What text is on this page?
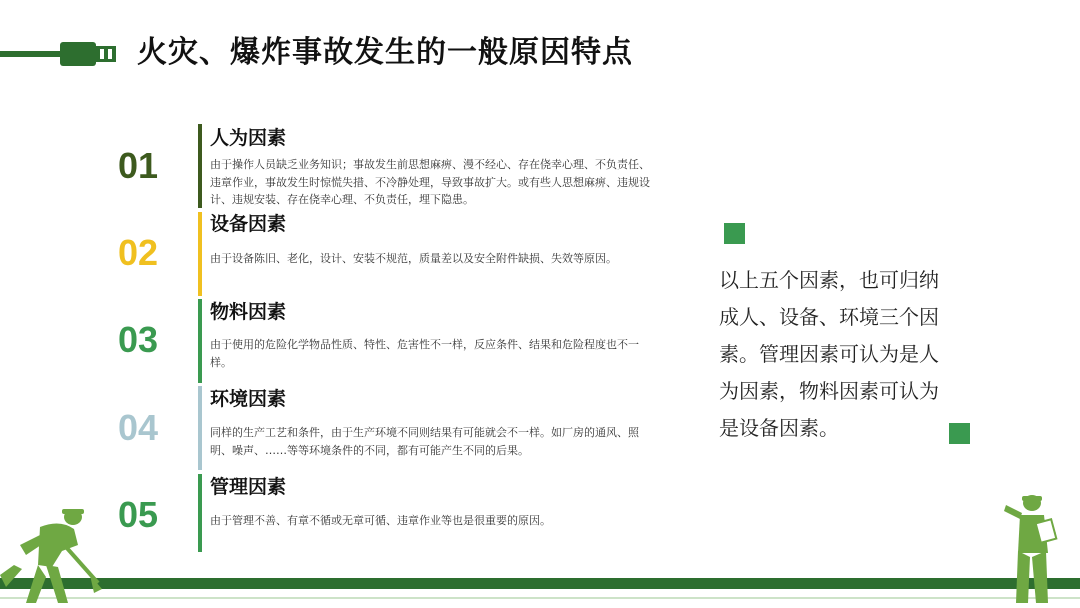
火灾、爆炸事故发生的一般原因特点
01
人为因素
由于操作人员缺乏业务知识；事故发生前思想麻痹、漫不经心、存在侥幸心理、不负责任、违章作业，事故发生时惊慌失措、不冷静处理，导致事故扩大。或有些人思想麻痹、违规设计、违规安装、存在侥幸心理、不负责任，埋下隐患。
02
设备因素
由于设备陈旧、老化，设计、安装不规范，质量差以及安全附件缺损、失效等原因。
03
物料因素
由于使用的危险化学物品性质、特性、危害性不一样，反应条件、结果和危险程度也不一样。
04
环境因素
同样的生产工艺和条件，由于生产环境不同则结果有可能就会不一样。如厂房的通风、照明、噪声、……等等环境条件的不同，都有可能产生不同的后果。
05
管理因素
由于管理不善、有章不循或无章可循、违章作业等也是很重要的原因。
以上五个因素，也可归纳成人、设备、环境三个因素。管理因素可认为是人为因素，物料因素可认为是设备因素。
